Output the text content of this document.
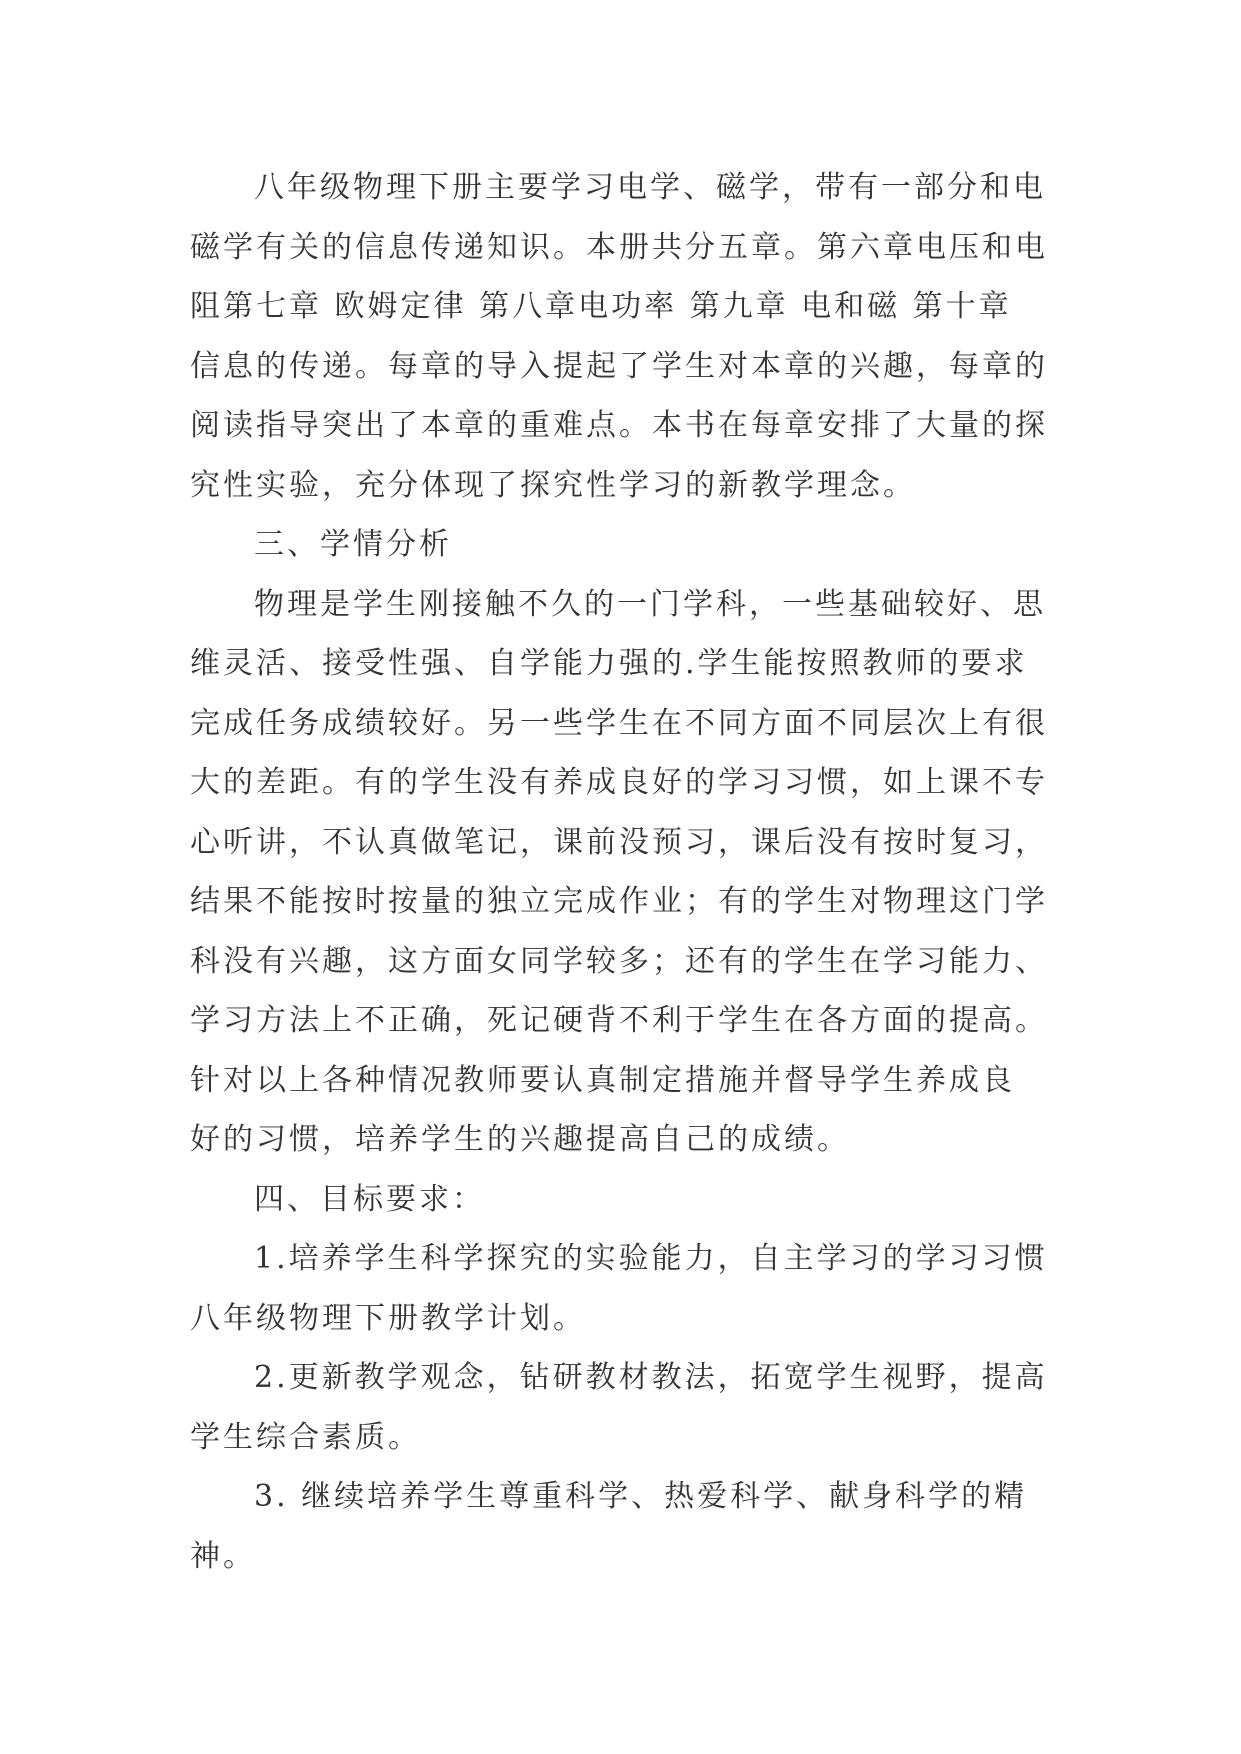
八年级物理下册主要学习电学、磁学，带有一部分和电
磁学有关的信息传递知识。本册共分五章。第六章电压和电
阻第七章 欧姆定律 第八章电功率 第九章 电和磁 第十章
信息的传递。每章的导入提起了学生对本章的兴趣，每章的
阅读指导突出了本章的重难点。本书在每章安排了大量的探
究性实验，充分体现了探究性学习的新教学理念。
三、学情分析
物理是学生刚接触不久的一门学科，一些基础较好、思
维灵活、接受性强、自学能力强的.学生能按照教师的要求
完成任务成绩较好。另一些学生在不同方面不同层次上有很
大的差距。有的学生没有养成良好的学习习惯，如上课不专
心听讲，不认真做笔记，课前没预习，课后没有按时复习，
结果不能按时按量的独立完成作业；有的学生对物理这门学
科没有兴趣，这方面女同学较多；还有的学生在学习能力、
学习方法上不正确，死记硬背不利于学生在各方面的提高。
针对以上各种情况教师要认真制定措施并督导学生养成良
好的习惯，培养学生的兴趣提高自己的成绩。
四、目标要求：
1.培养学生科学探究的实验能力，自主学习的学习习惯
八年级物理下册教学计划。
2.更新教学观念，钻研教材教法，拓宽学生视野，提高
学生综合素质。
3. 继续培养学生尊重科学、热爱科学、献身科学的精
神。
